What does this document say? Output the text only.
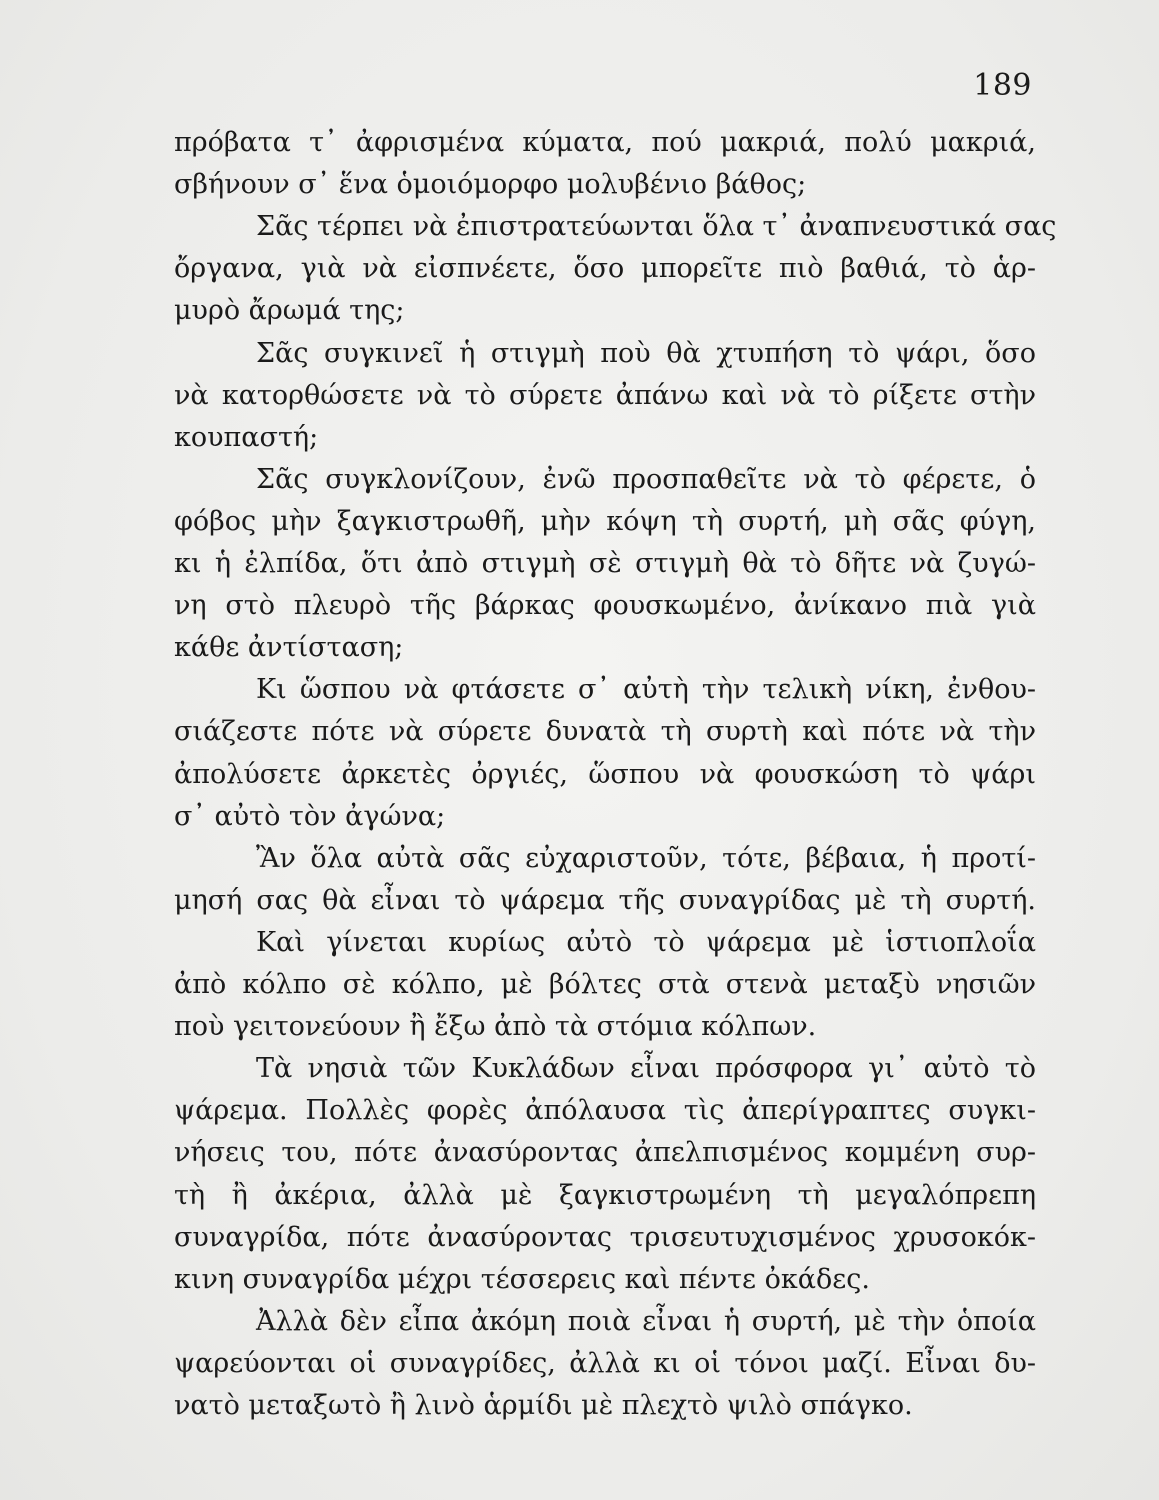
189
πρόβατα τ᾽ ἀφρισμένα κύματα, πού μακριά, πολύ μακριά,
σβήνουν σ᾽ ἕνα ὁμοιόμορφο μολυβένιο βάθος;
Σᾶς τέρπει νὰ ἐπιστρατεύωνται ὅλα τ᾽ ἀναπνευστικά σας
ὄργανα, γιὰ νὰ εἰσπνέετε, ὅσο μπορεῖτε πιὸ βαθιά, τὸ ἁρ-
μυρὸ ἄρωμά της;
Σᾶς συγκινεῖ ἡ στιγμὴ ποὺ θὰ χτυπήση τὸ ψάρι, ὅσο
νὰ κατορθώσετε νὰ τὸ σύρετε ἀπάνω καὶ νὰ τὸ ρίξετε στὴν
κουπαστή;
Σᾶς συγκλονίζουν, ἐνῶ προσπαθεῖτε νὰ τὸ φέρετε, ὁ
φόβος μὴν ξαγκιστρωθῆ, μὴν κόψη τὴ συρτή, μὴ σᾶς φύγη,
κι ἡ ἐλπίδα, ὅτι ἀπὸ στιγμὴ σὲ στιγμὴ θὰ τὸ δῆτε νὰ ζυγώ-
νη στὸ πλευρὸ τῆς βάρκας φουσκωμένο, ἀνίκανο πιὰ γιὰ
κάθε ἀντίσταση;
Κι ὥσπου νὰ φτάσετε σ᾽ αὐτὴ τὴν τελικὴ νίκη, ἐνθου-
σιάζεστε πότε νὰ σύρετε δυνατὰ τὴ συρτὴ καὶ πότε νὰ τὴν
ἀπολύσετε ἀρκετὲς ὀργιές, ὥσπου νὰ φουσκώση τὸ ψάρι
σ᾽ αὐτὸ τὸν ἀγώνα;
Ἂν ὅλα αὐτὰ σᾶς εὐχαριστοῦν, τότε, βέβαια, ἡ προτί-
μησή σας θὰ εἶναι τὸ ψάρεμα τῆς συναγρίδας μὲ τὴ συρτή.
Καὶ γίνεται κυρίως αὐτὸ τὸ ψάρεμα μὲ ἱστιοπλοΐα
ἀπὸ κόλπο σὲ κόλπο, μὲ βόλτες στὰ στενὰ μεταξὺ νησιῶν
ποὺ γειτονεύουν ἢ ἔξω ἀπὸ τὰ στόμια κόλπων.
Τὰ νησιὰ τῶν Κυκλάδων εἶναι πρόσφορα γι᾽ αὐτὸ τὸ
ψάρεμα. Πολλὲς φορὲς ἀπόλαυσα τὶς ἀπερίγραπτες συγκι-
νήσεις του, πότε ἀνασύροντας ἀπελπισμένος κομμένη συρ-
τὴ ἢ ἀκέρια, ἀλλὰ μὲ ξαγκιστρωμένη τὴ μεγαλόπρεπη
συναγρίδα, πότε ἀνασύροντας τρισευτυχισμένος χρυσοκόκ-
κινη συναγρίδα μέχρι τέσσερεις καὶ πέντε ὀκάδες.
Ἀλλὰ δὲν εἶπα ἀκόμη ποιὰ εἶναι ἡ συρτή, μὲ τὴν ὁποία
ψαρεύονται οἱ συναγρίδες, ἀλλὰ κι οἱ τόνοι μαζί. Εἶναι δυ-
νατὸ μεταξωτὸ ἢ λινὸ ἁρμίδι μὲ πλεχτὸ ψιλὸ σπάγκο.
